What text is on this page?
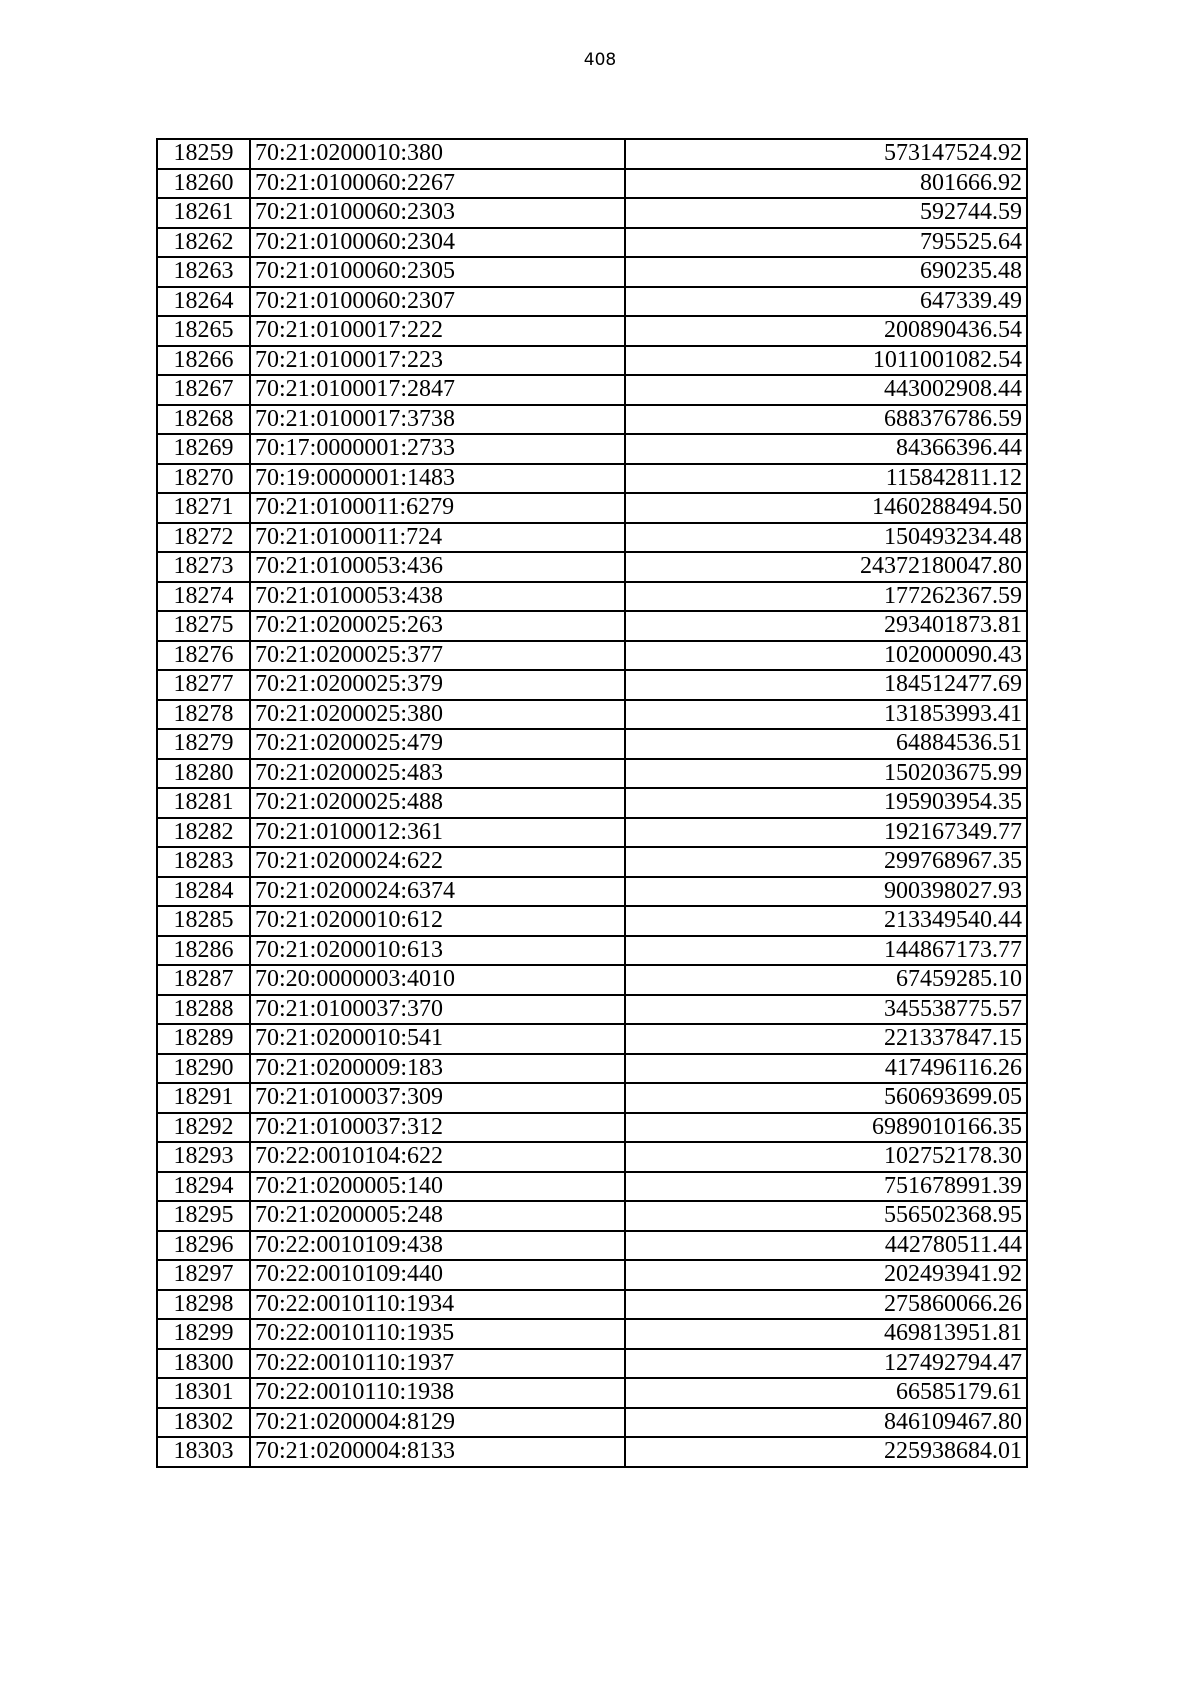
408
18259	70:21:0200010:380	573147524.92
18260	70:21:0100060:2267	801666.92
18261	70:21:0100060:2303	592744.59
18262	70:21:0100060:2304	795525.64
18263	70:21:0100060:2305	690235.48
18264	70:21:0100060:2307	647339.49
18265	70:21:0100017:222	200890436.54
18266	70:21:0100017:223	1011001082.54
18267	70:21:0100017:2847	443002908.44
18268	70:21:0100017:3738	688376786.59
18269	70:17:0000001:2733	84366396.44
18270	70:19:0000001:1483	115842811.12
18271	70:21:0100011:6279	1460288494.50
18272	70:21:0100011:724	150493234.48
18273	70:21:0100053:436	24372180047.80
18274	70:21:0100053:438	177262367.59
18275	70:21:0200025:263	293401873.81
18276	70:21:0200025:377	102000090.43
18277	70:21:0200025:379	184512477.69
18278	70:21:0200025:380	131853993.41
18279	70:21:0200025:479	64884536.51
18280	70:21:0200025:483	150203675.99
18281	70:21:0200025:488	195903954.35
18282	70:21:0100012:361	192167349.77
18283	70:21:0200024:622	299768967.35
18284	70:21:0200024:6374	900398027.93
18285	70:21:0200010:612	213349540.44
18286	70:21:0200010:613	144867173.77
18287	70:20:0000003:4010	67459285.10
18288	70:21:0100037:370	345538775.57
18289	70:21:0200010:541	221337847.15
18290	70:21:0200009:183	417496116.26
18291	70:21:0100037:309	560693699.05
18292	70:21:0100037:312	6989010166.35
18293	70:22:0010104:622	102752178.30
18294	70:21:0200005:140	751678991.39
18295	70:21:0200005:248	556502368.95
18296	70:22:0010109:438	442780511.44
18297	70:22:0010109:440	202493941.92
18298	70:22:0010110:1934	275860066.26
18299	70:22:0010110:1935	469813951.81
18300	70:22:0010110:1937	127492794.47
18301	70:22:0010110:1938	66585179.61
18302	70:21:0200004:8129	846109467.80
18303	70:21:0200004:8133	225938684.01
